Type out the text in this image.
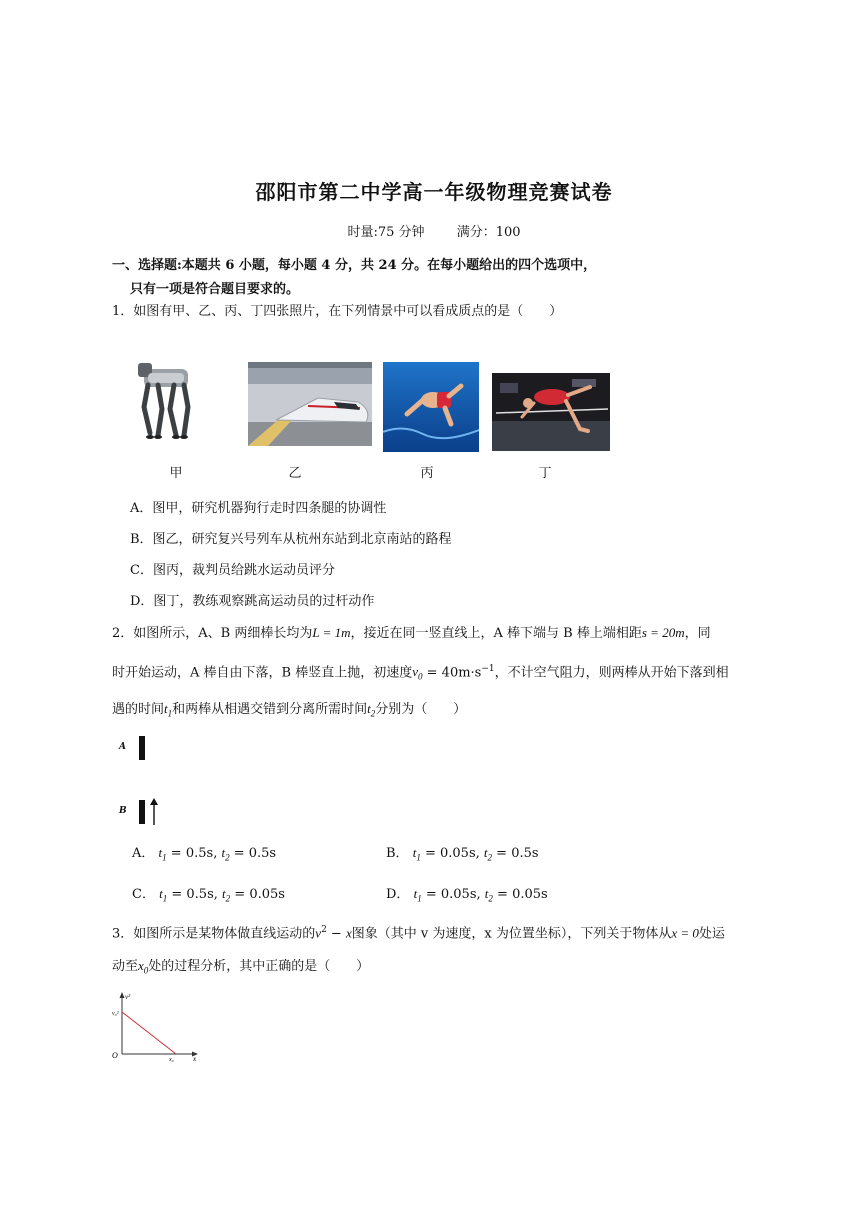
邵阳市第二中学高一年级物理竞赛试卷
时量:75 分钟 满分：100
一、选择题:本题共 6 小题，每小题 4 分，共 24 分。在每小题给出的四个选项中，
只有一项是符合题目要求的。
1．如图有甲、乙、丙、丁四张照片，在下列情景中可以看成质点的是（　　）
甲	乙	丙	丁
A．图甲，研究机器狗行走时四条腿的协调性
B．图乙，研究复兴号列车从杭州东站到北京南站的路程
C．图丙，裁判员给跳水运动员评分
D．图丁，教练观察跳高运动员的过杆动作
2．如图所示，A、B 两细棒长均为L = 1m，接近在同一竖直线上，A 棒下端与 B 棒上端相距s = 20m，同
时开始运动，A 棒自由下落，B 棒竖直上抛，初速度$v_0 = 40m\cdot s^{-1}$，不计空气阻力，则两棒从开始下落到相
遇的时间$t_1$和两棒从相遇交错到分离所需时间$t_2$分别为（　　）
A
B
A． $t_1 = 0.5s$, $t_2 = 0.5s$	B． $t_1 = 0.05s$, $t_2 = 0.5s$
C． $t_1 = 0.5s$, $t_2 = 0.05s$	D． $t_1 = 0.05s$, $t_2 = 0.05s$
3．如图所示是某物体做直线运动的$v^2 - x$图象（其中 v 为速度，x 为位置坐标），下列关于物体从x = 0处运
动至$x_0$处的过程分析，其中正确的是（　　）
O	x
v²
x₀
v₀²
